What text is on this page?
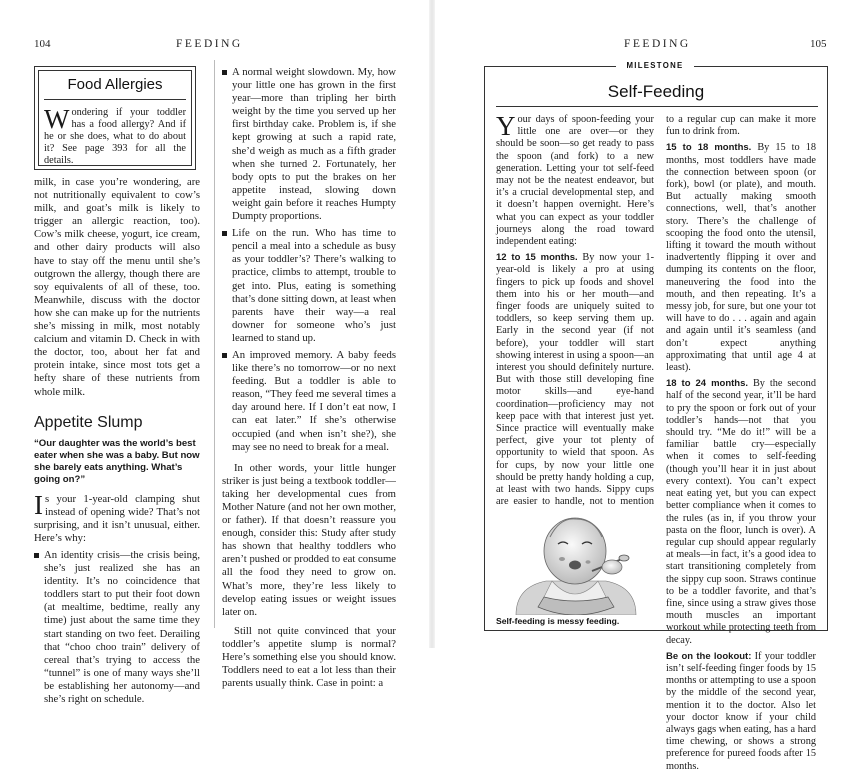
104	FEEDING
Food Allergies
Wondering if your toddler has a food allergy? And if he or she does, what to do about it? See page 393 for all the details.

milk, in case you’re wondering, are not nutritionally equivalent to cow’s milk, and goat’s milk is likely to trigger an allergic reaction, too). Cow’s milk cheese, yogurt, ice cream, and other dairy products will also have to stay off the menu until she’s outgrown the allergy, though there are soy equivalents of all of these, too. Meanwhile, discuss with the doctor how she can make up for the nutrients she’s missing in milk, most notably calcium and vitamin D. Check in with the doctor, too, about her fat and protein intake, since most tots get a hefty share of these nutrients from whole milk.

Appetite Slump

“Our daughter was the world’s best eater when she was a baby. But now she barely eats anything. What’s going on?”

Is your 1-year-old clamping shut instead of opening wide? That’s not surprising, and it isn’t unusual, either. Here’s why:

An identity crisis—the crisis being, she’s just realized she has an identity. It’s no coincidence that toddlers start to put their foot down (at mealtime, bedtime, really any time) just about the same time they start standing on two feet. Derailing that “choo choo train” delivery of cereal that’s trying to access the “tunnel” is one of many ways she’ll be establishing her autonomy—and she’s right on schedule.
A normal weight slowdown. My, how your little one has grown in the first year—more than tripling her birth weight by the time you served up her first birthday cake. Problem is, if she kept growing at such a rapid rate, she’d weigh as much as a fifth grader when she turned 2. Fortunately, her body opts to put the brakes on her appetite instead, slowing down weight gain before it reaches Humpty Dumpty proportions.
Life on the run. Who has time to pencil a meal into a schedule as busy as your toddler’s? There’s walking to practice, climbs to attempt, trouble to get into. Plus, eating is something that’s done sitting down, at least when parents have their way—a real downer for someone who’s just learned to stand up.
An improved memory. A baby feeds like there’s no tomorrow—or no next feeding. But a toddler is able to reason, “They feed me several times a day around here. If I don’t eat now, I can eat later.” If she’s otherwise occupied (and when isn’t she?), she may see no need to break for a meal.

In other words, your little hunger striker is just being a textbook toddler—taking her developmental cues from Mother Nature (and not her own mother, or father). If that doesn’t reassure you enough, consider this: Study after study has shown that healthy toddlers who aren’t pushed or prodded to eat consume all the food they need to grow on. What’s more, they’re less likely to develop eating issues or weight issues later on.

Still not quite convinced that your toddler’s appetite slump is normal? Here’s something else you should know. Toddlers need to eat a lot less than their parents usually think. Case in point: a

FEEDING	105
MILESTONE
Self-Feeding

Your days of spoon-feeding your little one are over—or they should be soon—so get ready to pass the spoon (and fork) to a new generation. Letting your tot self-feed may not be the neatest endeavor, but it’s a crucial developmental step, and it doesn’t happen overnight. Here’s what you can expect as your toddler journeys along the road toward independent eating:

12 to 15 months. By now your 1-year-old is likely a pro at using fingers to pick up foods and shovel them into his or her mouth—and finger foods are uniquely suited to toddlers, so keep serving them up. Early in the second year (if not before), your toddler will start showing interest in using a spoon—an interest you should definitely nurture. But with those still developing fine motor skills—and eye-hand coordination—proficiency may not keep pace with that interest just yet. Since practice will eventually make perfect, give your tot plenty of opportunity to wield that spoon. As for cups, by now your little one should be pretty handy holding a cup, at least with two hands. Sippy cups are easier to handle, not to mention

Self-feeding is messy feeding.

to a regular cup can make it more fun to drink from.

15 to 18 months. By 15 to 18 months, most toddlers have made the connection between spoon (or fork), bowl (or plate), and mouth. But actually making smooth connections, well, that’s another story. There’s the challenge of scooping the food onto the utensil, lifting it toward the mouth without inadvertently flipping it over and dumping its contents on the floor, maneuvering the food into the mouth, and then repeating. It’s a messy job, for sure, but one your tot will have to do . . . again and again and again until it’s seamless (and don’t expect anything approximating that until age 4 at least).

18 to 24 months. By the second half of the second year, it’ll be hard to pry the spoon or fork out of your toddler’s hands—not that you should try. “Me do it!” will be a familiar battle cry—especially when it comes to self-feeding (though you’ll hear it in just about every context). You can’t expect neat eating yet, but you can expect better compliance when it comes to the rules (as in, if you throw your pasta on the floor, lunch is over). A regular cup should appear regularly at meals—in fact, it’s a good idea to start transitioning completely from the sippy cup soon. Straws continue to be a toddler favorite, and that’s fine, since using a straw gives those mouth muscles an important workout while protecting teeth from decay.

Be on the lookout: If your toddler isn’t self-feeding finger foods by 15 months or attempting to use a spoon by the middle of the second year, mention it to the doctor. Also let your doctor know if your child always gags when eating, has a hard time chewing, or shows a strong preference for pureed foods after 15 months.
